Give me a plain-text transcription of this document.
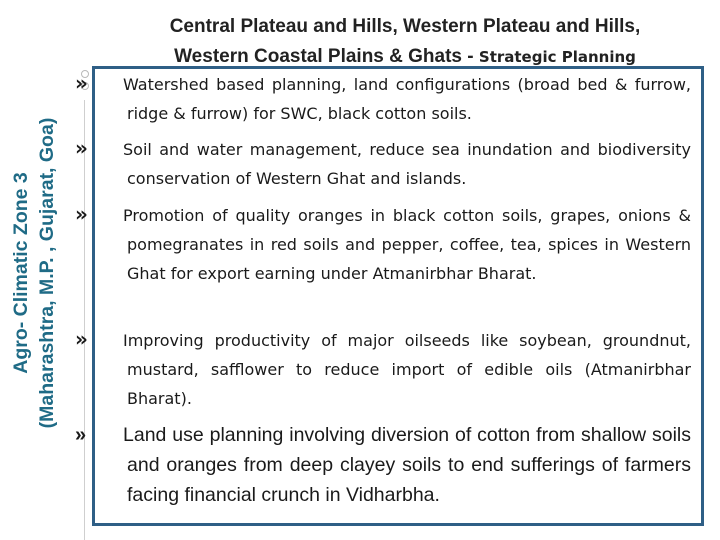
Agro- Climatic Zone 3 (Maharashtra, M.P. , Gujarat, Goa)
Central Plateau and Hills, Western Plateau and Hills,
Western Coastal Plains & Ghats - Strategic Planning
» Watershed based planning, land configurations (broad bed & furrow, ridge & furrow) for SWC, black cotton soils.
» Soil and water management, reduce sea inundation and biodiversity conservation of Western Ghat and islands.
» Promotion of quality oranges in black cotton soils, grapes, onions & pomegranates in red soils and pepper, coffee, tea, spices in Western Ghat for export earning under Atmanirbhar Bharat.
» Improving productivity of major oilseeds like soybean, groundnut, mustard, safflower to reduce import of edible oils (Atmanirbhar Bharat).
» Land use planning involving diversion of cotton from shallow soils and oranges from deep clayey soils to end sufferings of farmers facing financial crunch in Vidharbha.
